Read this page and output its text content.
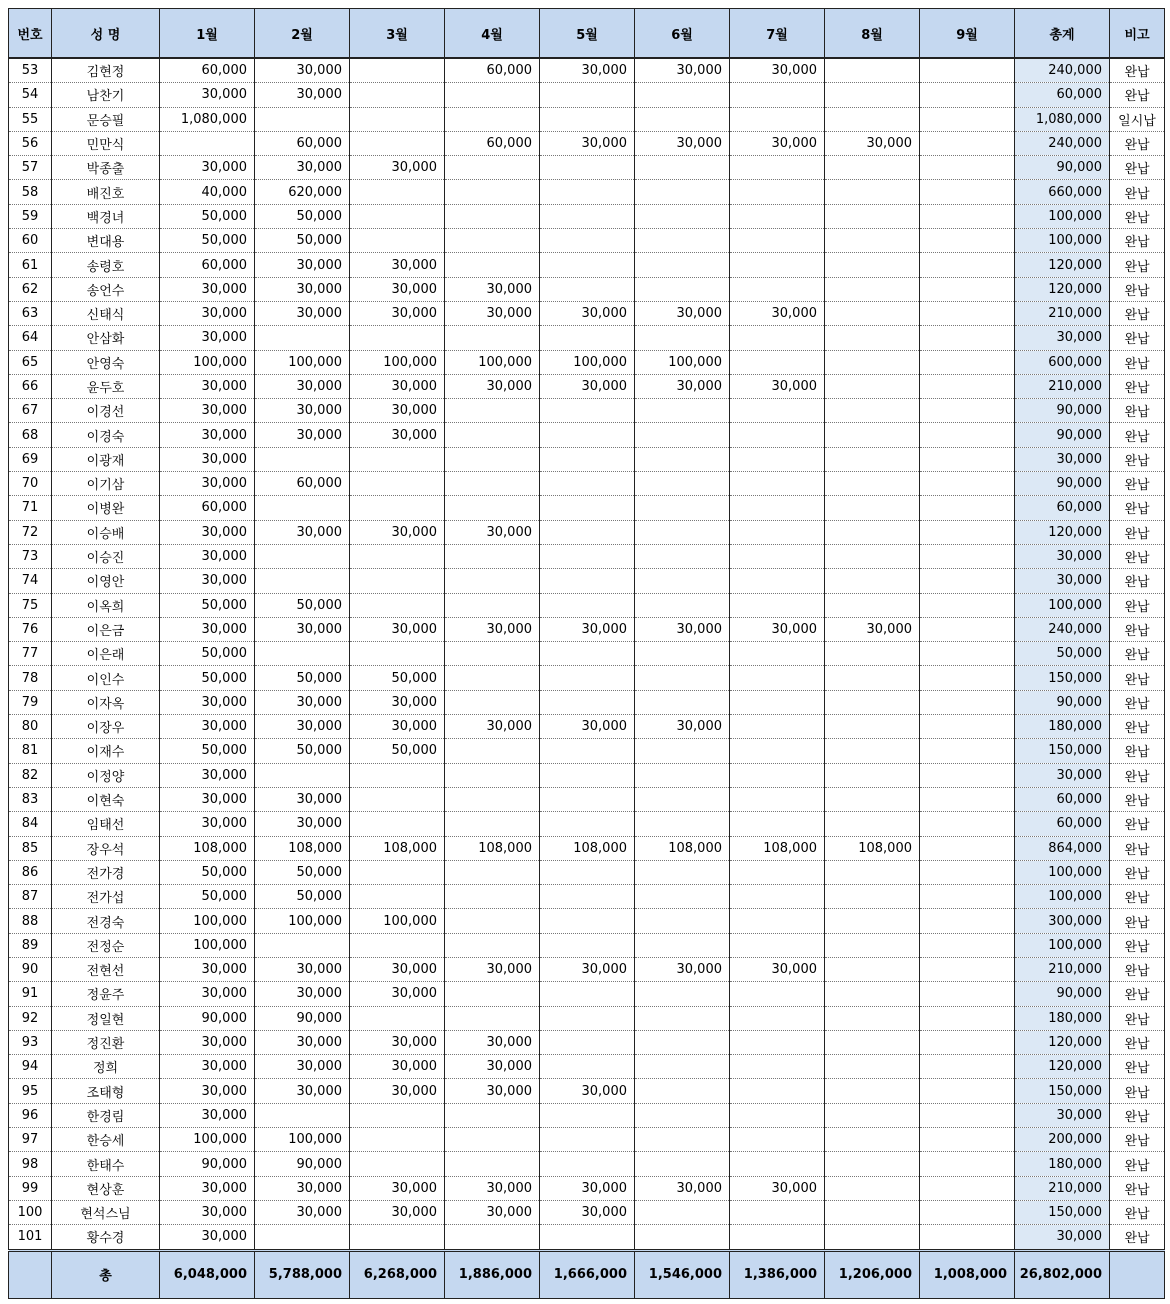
번호	성 명	1월	2월	3월	4월	5월	6월	7월	8월	9월	총계	비고
53	김현정	60,000	30,000		60,000	30,000	30,000	30,000			240,000	완납
54	남찬기	30,000	30,000								60,000	완납
55	문승필	1,080,000									1,080,000	일시납
56	민만식		60,000		60,000	30,000	30,000	30,000	30,000		240,000	완납
57	박종출	30,000	30,000	30,000							90,000	완납
58	배진호	40,000	620,000								660,000	완납
59	백경녀	50,000	50,000								100,000	완납
60	변대용	50,000	50,000								100,000	완납
61	송령호	60,000	30,000	30,000							120,000	완납
62	송언수	30,000	30,000	30,000	30,000						120,000	완납
63	신태식	30,000	30,000	30,000	30,000	30,000	30,000	30,000			210,000	완납
64	안삼화	30,000									30,000	완납
65	안영숙	100,000	100,000	100,000	100,000	100,000	100,000				600,000	완납
66	윤두호	30,000	30,000	30,000	30,000	30,000	30,000	30,000			210,000	완납
67	이경선	30,000	30,000	30,000							90,000	완납
68	이경숙	30,000	30,000	30,000							90,000	완납
69	이광재	30,000									30,000	완납
70	이기삼	30,000	60,000								90,000	완납
71	이병완	60,000									60,000	완납
72	이승배	30,000	30,000	30,000	30,000						120,000	완납
73	이승진	30,000									30,000	완납
74	이영안	30,000									30,000	완납
75	이옥희	50,000	50,000								100,000	완납
76	이은금	30,000	30,000	30,000	30,000	30,000	30,000	30,000	30,000		240,000	완납
77	이은래	50,000									50,000	완납
78	이인수	50,000	50,000	50,000							150,000	완납
79	이자옥	30,000	30,000	30,000							90,000	완납
80	이장우	30,000	30,000	30,000	30,000	30,000	30,000				180,000	완납
81	이재수	50,000	50,000	50,000							150,000	완납
82	이정양	30,000									30,000	완납
83	이현숙	30,000	30,000								60,000	완납
84	임태선	30,000	30,000								60,000	완납
85	장우석	108,000	108,000	108,000	108,000	108,000	108,000	108,000	108,000		864,000	완납
86	전가경	50,000	50,000								100,000	완납
87	전가섭	50,000	50,000								100,000	완납
88	전경숙	100,000	100,000	100,000							300,000	완납
89	전정순	100,000									100,000	완납
90	전현선	30,000	30,000	30,000	30,000	30,000	30,000	30,000			210,000	완납
91	정윤주	30,000	30,000	30,000							90,000	완납
92	정일현	90,000	90,000								180,000	완납
93	정진환	30,000	30,000	30,000	30,000						120,000	완납
94	정희	30,000	30,000	30,000	30,000						120,000	완납
95	조태형	30,000	30,000	30,000	30,000	30,000					150,000	완납
96	한경림	30,000									30,000	완납
97	한승세	100,000	100,000								200,000	완납
98	한태수	90,000	90,000								180,000	완납
99	현상훈	30,000	30,000	30,000	30,000	30,000	30,000	30,000			210,000	완납
100	현석스님	30,000	30,000	30,000	30,000	30,000					150,000	완납
101	황수경	30,000									30,000	완납
	총	6,048,000	5,788,000	6,268,000	1,886,000	1,666,000	1,546,000	1,386,000	1,206,000	1,008,000	26,802,000	
